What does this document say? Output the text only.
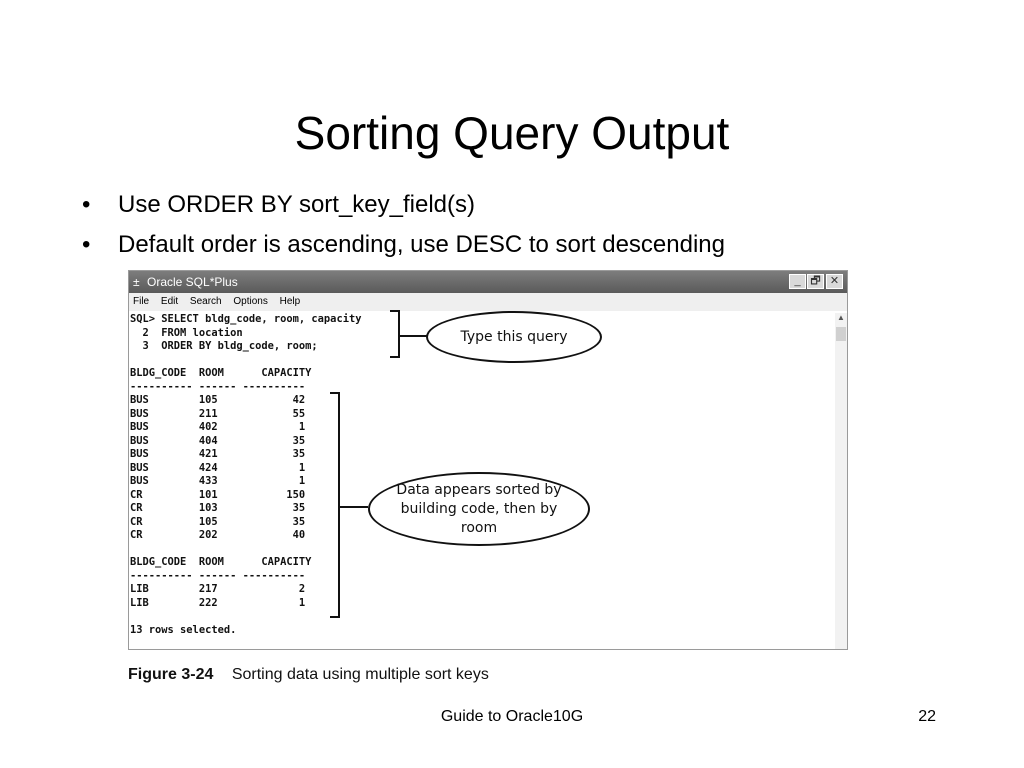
Sorting Query Output
• Use ORDER BY sort_key_field(s)
• Default order is ascending, use DESC to sort descending
± Oracle SQL*Plus	_ 🗗 ✕
File Edit Search Options Help
SQL> SELECT bldg_code, room, capacity
2  FROM location
3  ORDER BY bldg_code, room;

BLDG_CODE  ROOM      CAPACITY
---------- ------ ----------
BUS        105            42
BUS        211            55
BUS        402             1
BUS        404            35
BUS        421            35
BUS        424             1
BUS        433             1
CR         101           150
CR         103            35
CR         105            35
CR         202            40

BLDG_CODE  ROOM      CAPACITY
---------- ------ ----------
LIB        217             2
LIB        222             1

13 rows selected.
▲
Type this query
Data appears sorted by building code, then by room
Figure 3-24 Sorting data using multiple sort keys
Guide to Oracle10G	22
